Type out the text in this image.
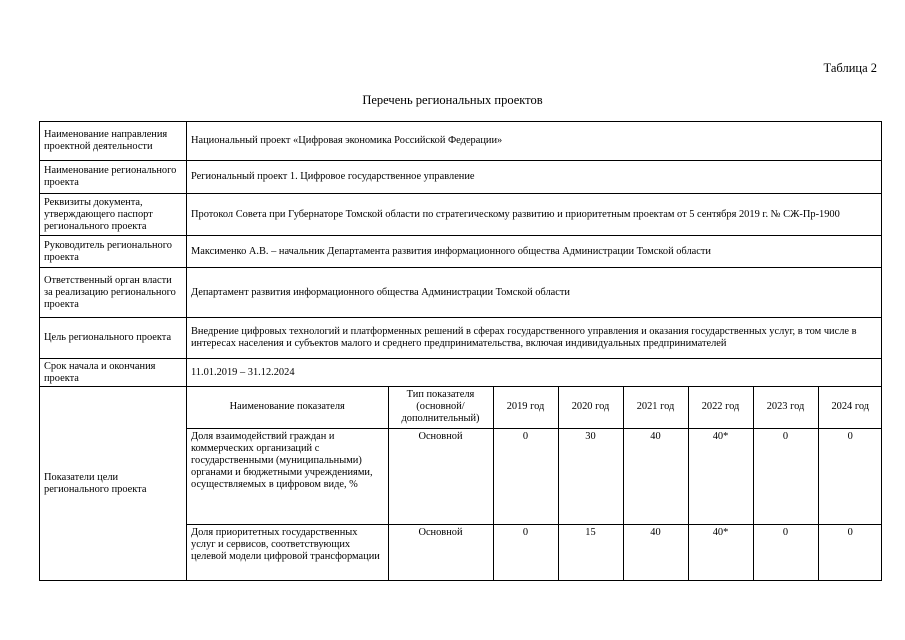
Таблица 2
Перечень региональных проектов
Наименование направления проектной деятельности	Национальный проект «Цифровая экономика Российской Федерации»
Наименование регионального проекта	Региональный проект 1. Цифровое государственное управление
Реквизиты документа, утверждающего паспорт регионального проекта	Протокол Совета при Губернаторе Томской области по стратегическому развитию и приоритетным проектам от 5 сентября 2019 г. № СЖ-Пр-1900
Руководитель регионального проекта	Максименко А.В. – начальник Департамента развития информационного общества Администрации Томской области
Ответственный орган власти за реализацию регионального проекта	Департамент развития информационного общества Администрации Томской области
Цель регионального проекта	Внедрение цифровых технологий и платформенных решений в сферах государственного управления и оказания государственных услуг, в том числе в интересах населения и субъектов малого и среднего предпринимательства, включая индивидуальных предпринимателей
Срок начала и окончания проекта	11.01.2019 – 31.12.2024
Показатели цели регионального проекта	
Наименование показателя	Тип показателя (основной/ дополнительный)	2019 год	2020 год	2021 год	2022 год	2023 год	2024 год
Доля взаимодействий граждан и коммерческих организаций с государственными (муниципальными) органами и бюджетными учреждениями, осуществляемых в цифровом виде, %	Основной	0	30	40	40*	0	0
Доля приоритетных государственных услуг и сервисов, соответствующих целевой модели цифровой трансформации	Основной	0	15	40	40*	0	0
